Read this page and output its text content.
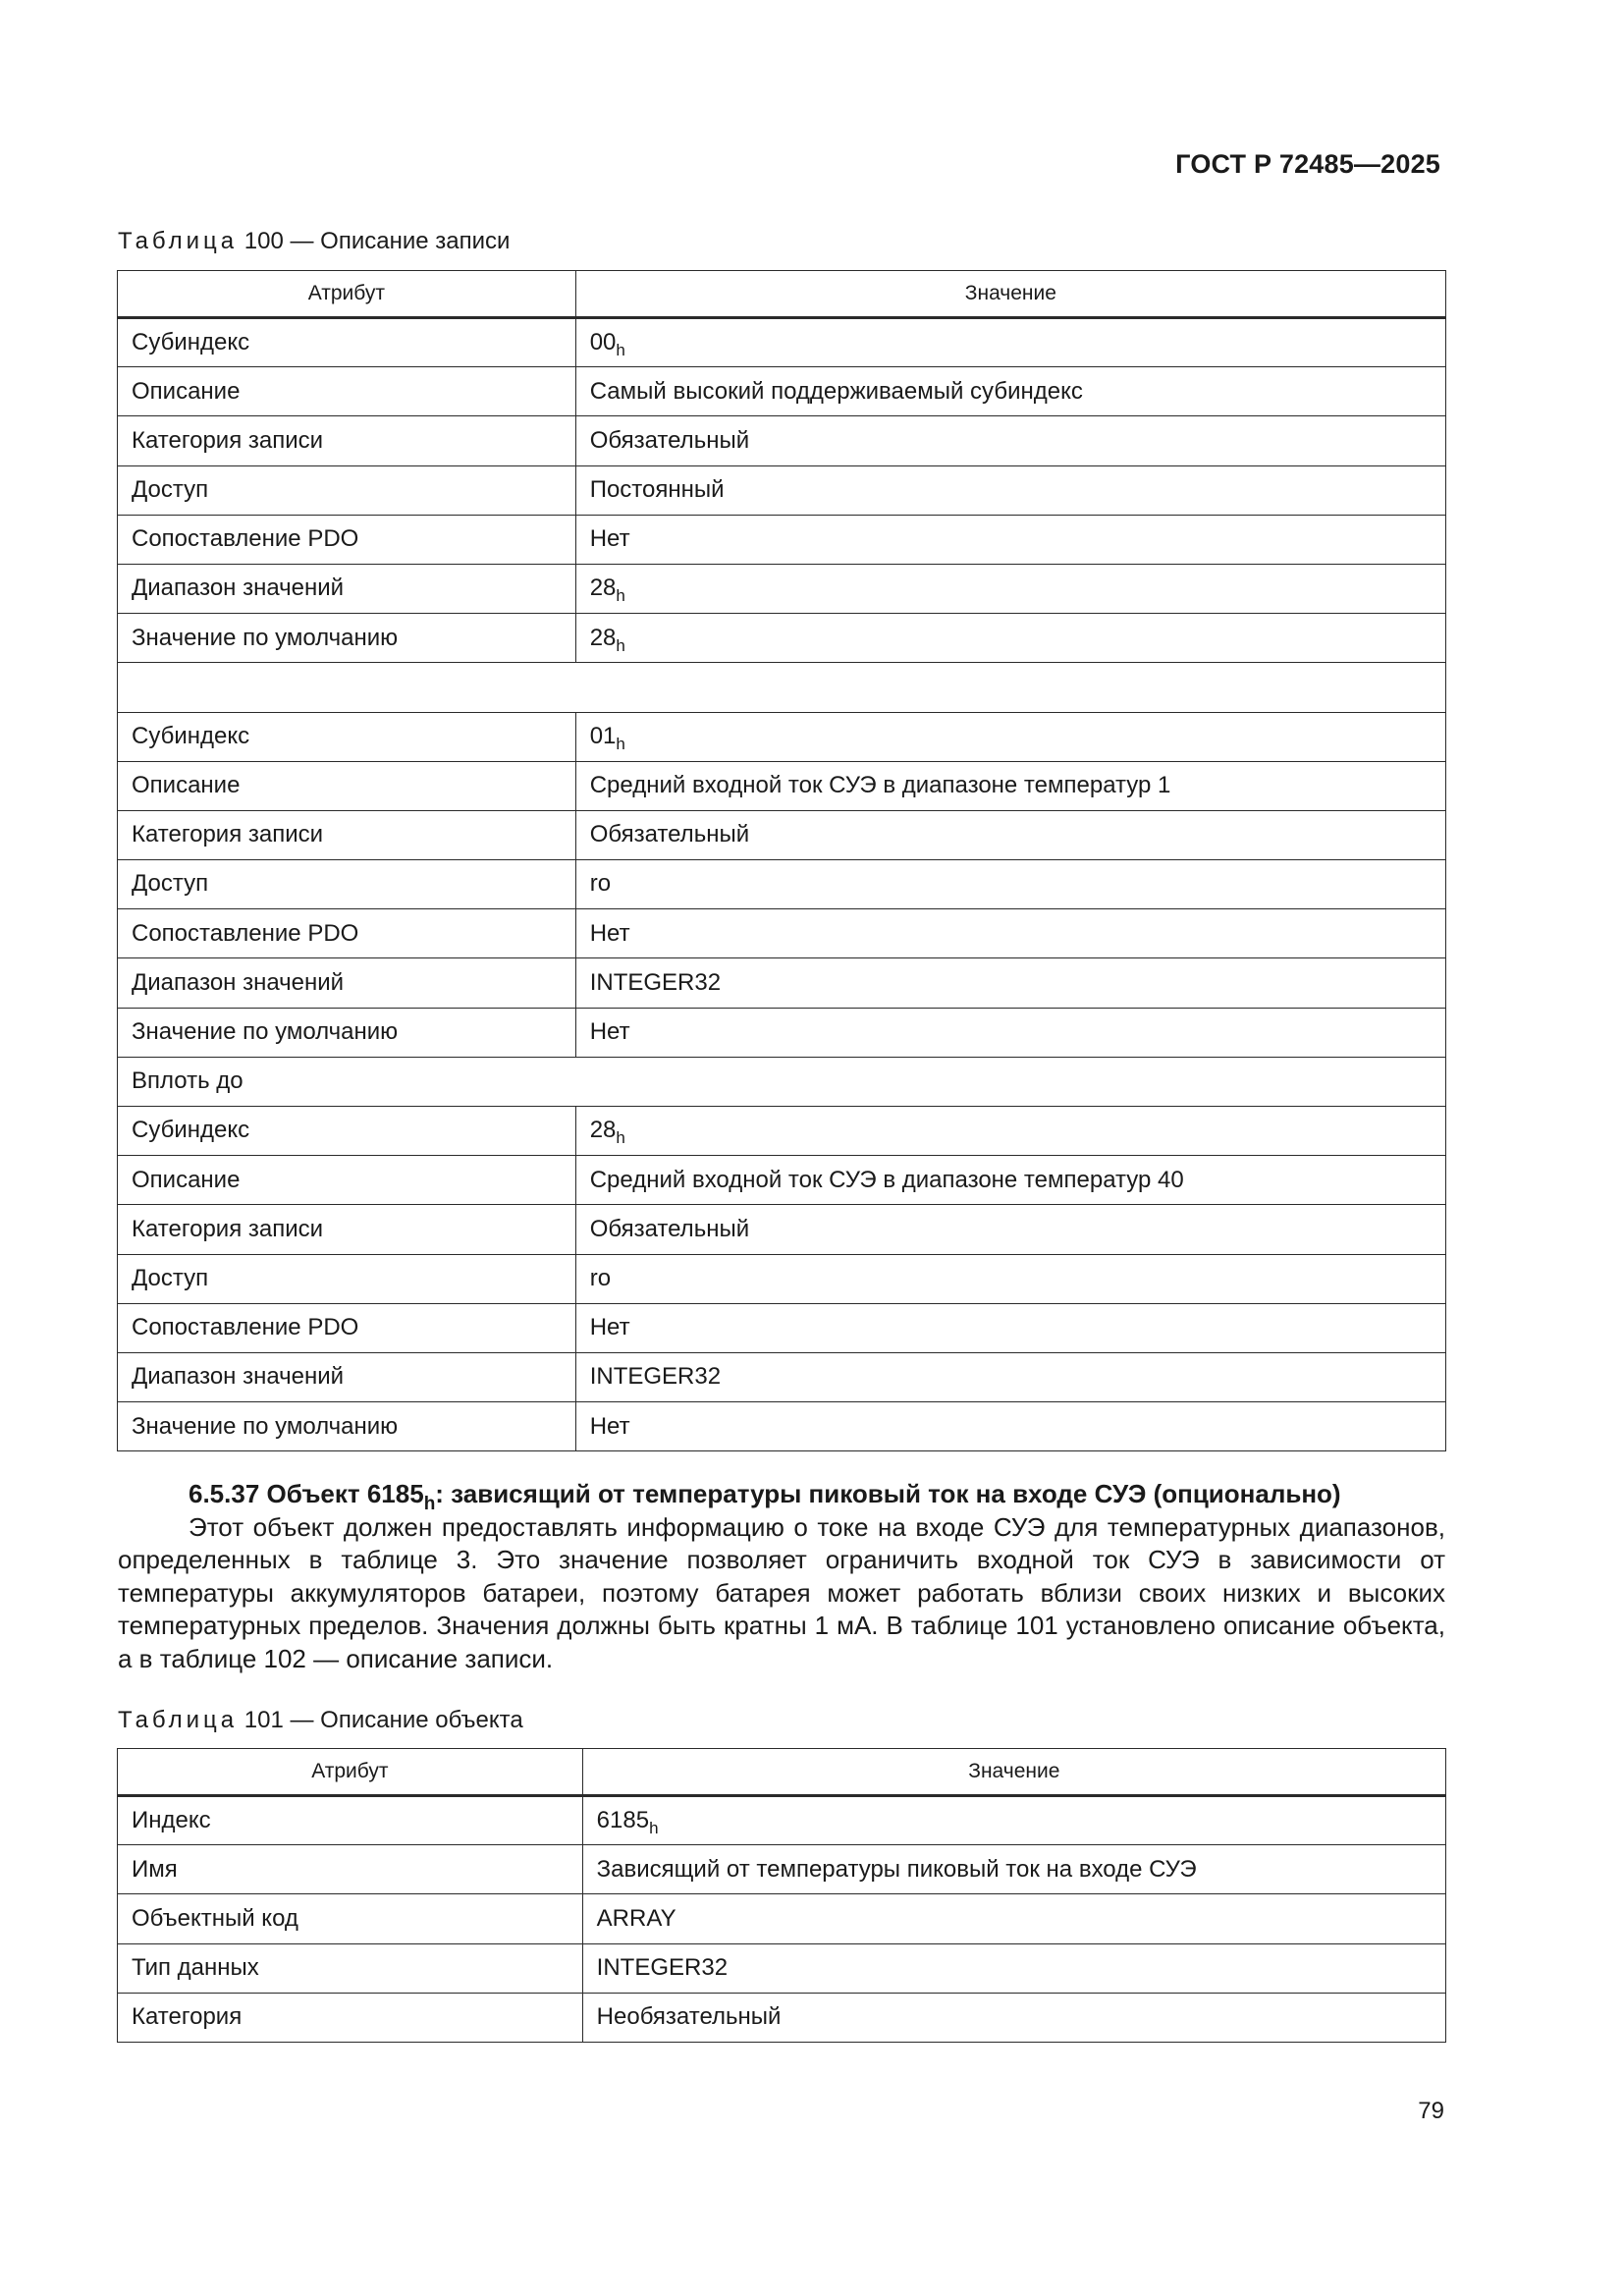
ГОСТ Р 72485—2025
Таблица 100 — Описание записи
Атрибут	Значение
Субиндекс	$00_h$
Описание	Самый высокий поддерживаемый субиндекс
Категория записи	Обязательный
Доступ	Постоянный
Сопоставление PDO	Нет
Диапазон значений	$28_h$
Значение по умолчанию	$28_h$

Субиндекс	$01_h$
Описание	Средний входной ток СУЭ в диапазоне температур 1
Категория записи	Обязательный
Доступ	ro
Сопоставление PDO	Нет
Диапазон значений	INTEGER32
Значение по умолчанию	Нет
Вплоть до	
Субиндекс	$28_h$
Описание	Средний входной ток СУЭ в диапазоне температур 40
Категория записи	Обязательный
Доступ	ro
Сопоставление PDO	Нет
Диапазон значений	INTEGER32
Значение по умолчанию	Нет
Таблица 101 — Описание объекта
6.5.37 Объект $6185_h$: зависящий от температуры пиковый ток на входе СУЭ (опционально)

Этот объект должен предоставлять информацию о токе на входе СУЭ для температурных диапазонов, определенных в таблице 3. Это значение позволяет ограничить входной ток СУЭ в зависимости от температуры аккумуляторов батареи, поэтому батарея может работать вблизи своих низких и высоких температурных пределов. Значения должны быть кратны 1 мА. В таблице 101 установлено описание объекта, а в таблице 102 — описание записи.

Атрибут	Значение
Индекс	$6185_h$
Имя	Зависящий от температуры пиковый ток на входе СУЭ
Объектный код	ARRAY
Тип данных	INTEGER32
Категория	Необязательный
79
